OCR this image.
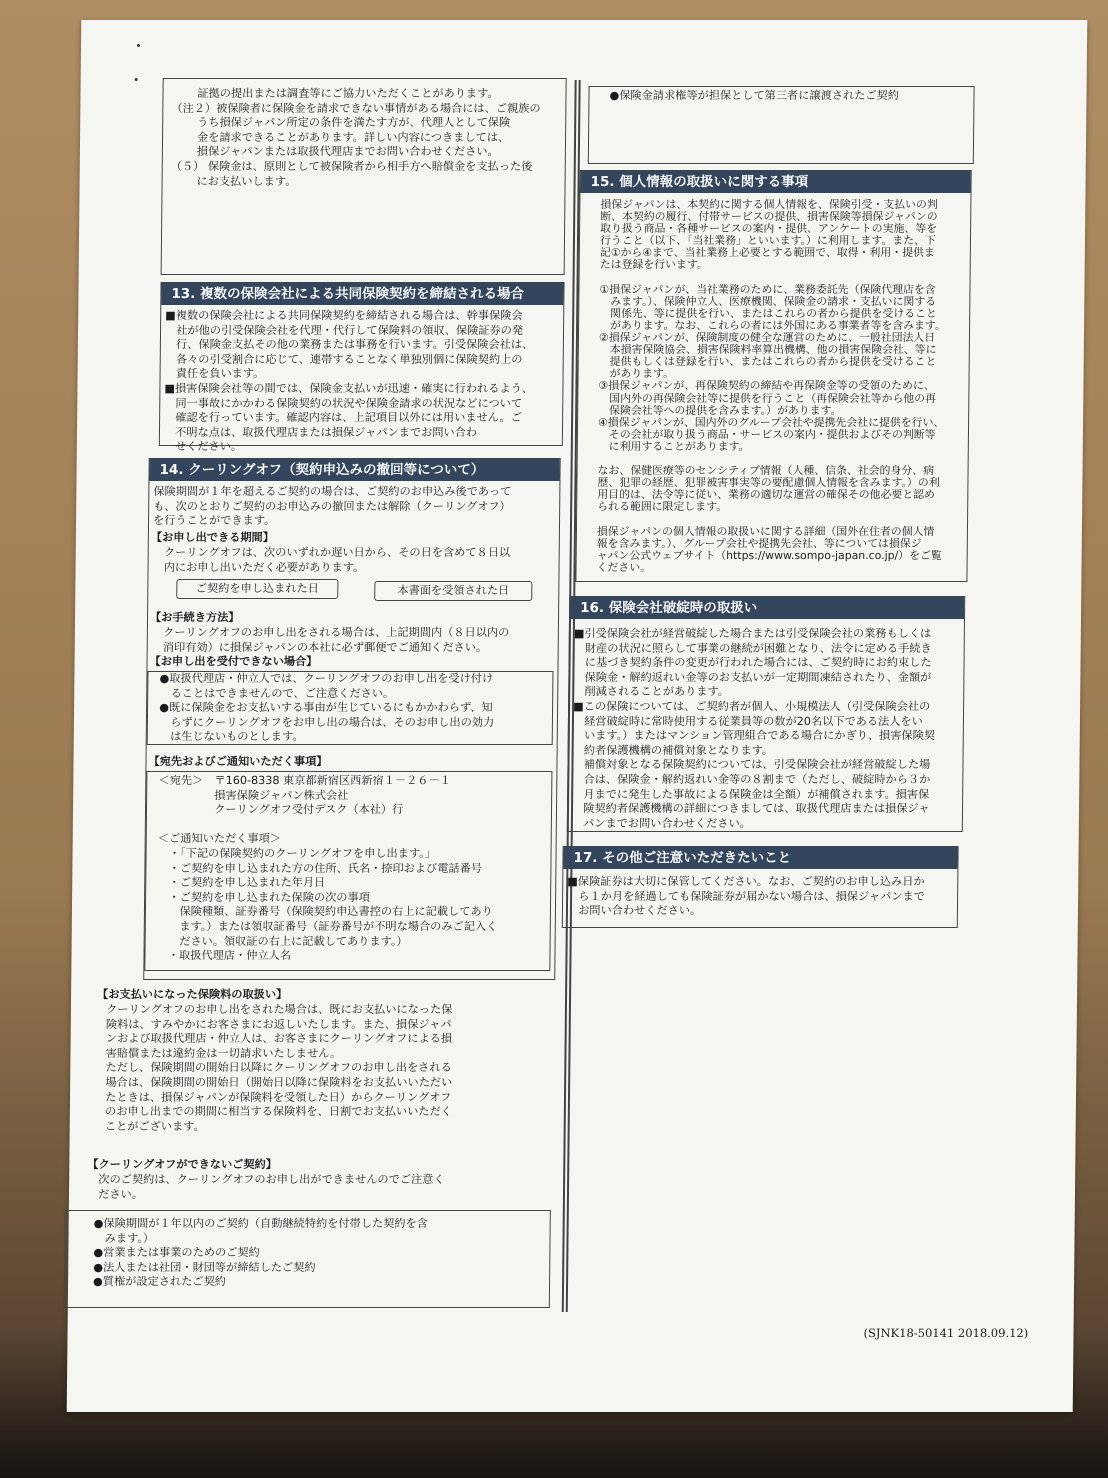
　　 証拠の提出または調査等にご協力いただくことがあります。
（注２）被保険者に保険金を請求できない事情がある場合には、ご親族の
　　 うち損保ジャパン所定の条件を満たす方が、代理人として保険
　　 金を請求できることがあります。詳しい内容につきましては、
　　 損保ジャパンまたは取扱代理店までお問い合わせください。
（５） 保険金は、原則として被保険者から相手方へ賠償金を支払った後
　　 にお支払いします。
13. 複数の保険会社による共同保険契約を締結される場合
■複数の保険会社による共同保険契約を締結される場合は、幹事保険会
　社が他の引受保険会社を代理・代行して保険料の領収、保険証券の発
　行、保険金支払その他の業務または事務を行います。引受保険会社は、
　各々の引受割合に応じて、連帯することなく単独別個に保険契約上の
　責任を負います。
■損害保険会社等の間では、保険金支払いが迅速・確実に行われるよう、
　同一事故にかかわる保険契約の状況や保険金請求の状況などについて
　確認を行っています。確認内容は、上記項目以外には用いません。ご
　不明な点は、取扱代理店または損保ジャパンまでお問い合わ
　せください。
14. クーリングオフ（契約申込みの撤回等について）
保険期間が１年を超えるご契約の場合は、ご契約のお申込み後であって
も、次のとおりご契約のお申込みの撤回または解除（クーリングオフ）
を行うことができます。
【お申し出できる期間】
　クーリングオフは、次のいずれか遅い日から、その日を含めて８日以
　内にお申し出いただく必要があります。
ご契約を申し込まれた日	本書面を受領された日
【お手続き方法】
　クーリングオフのお申し出をされる場合は、上記期間内（８日以内の
　消印有効）に損保ジャパンの本社に必ず郵便でご通知ください。
【お申し出を受付できない場合】
　●取扱代理店・仲立人では、クーリングオフのお申し出を受け付け
　　ることはできませんので、ご注意ください。
　●既に保険金をお支払いする事由が生じているにもかかわらず、知
　　らずにクーリングオフをお申し出の場合は、そのお申し出の効力
　　は生じないものとします。
【宛先およびご通知いただく事項】
　＜宛先＞　〒160-8338 東京都新宿区西新宿１－２６－１
　　　　　　損害保険ジャパン株式会社
　　　　　　クーリングオフ受付デスク（本社）行

　＜ご通知いただく事項＞
　　・「下記の保険契約のクーリングオフを申し出ます。」
　　・ご契約を申し込まれた方の住所、氏名・捺印および電話番号
　　・ご契約を申し込まれた年月日
　　・ご契約を申し込まれた保険の次の事項
　　　保険種類、証券番号（保険契約申込書控の右上に記載してあり
　　　ます。）または領収証番号（証券番号が不明な場合のみご記入く
　　　ださい。領収証の右上に記載してあります。）
　　・取扱代理店・仲立人名
【お支払いになった保険料の取扱い】
　クーリングオフのお申し出をされた場合は、既にお支払いになった保
　険料は、すみやかにお客さまにお返しいたします。また、損保ジャパ
　ンおよび取扱代理店・仲立人は、お客さまにクーリングオフによる損
　害賠償または違約金は一切請求いたしません。
　ただし、保険期間の開始日以降にクーリングオフのお申し出をされる
　場合は、保険期間の開始日（開始日以降に保険料をお支払いいただい
　たときは、損保ジャパンが保険料を受領した日）からクーリングオフ
　のお申し出までの期間に相当する保険料を、日割でお支払いいただく
　ことがございます。
【クーリングオフができないご契約】
　次のご契約は、クーリングオフのお申し出ができませんのでご注意く
　ださい。
●保険期間が１年以内のご契約（自動継続特約を付帯した契約を含
　みます。）
●営業または事業のためのご契約
●法人または社団・財団等が締結したご契約
●質権が設定されたご契約
●保険金請求権等が担保として第三者に譲渡されたご契約
15. 個人情報の取扱いに関する事項
損保ジャパンは、本契約に関する個人情報を、保険引受・支払いの判
断、本契約の履行、付帯サービスの提供、損害保険等損保ジャパンの
取り扱う商品・各種サービスの案内・提供、アンケートの実施、等を
行うこと（以下、「当社業務」といいます。）に利用します。また、下
記①から④まで、当社業務上必要とする範囲で、取得・利用・提供ま
たは登録を行います。

①損保ジャパンが、当社業務のために、業務委託先（保険代理店を含
　みます。）、保険仲立人、医療機関、保険金の請求・支払いに関する
　関係先、等に提供を行い、またはこれらの者から提供を受けること
　があります。なお、これらの者には外国にある事業者等を含みます。
②損保ジャパンが、保険制度の健全な運営のために、一般社団法人日
　本損害保険協会、損害保険料率算出機構、他の損害保険会社、等に
　提供もしくは登録を行い、またはこれらの者から提供を受けること
　があります。
③損保ジャパンが、再保険契約の締結や再保険金等の受領のために、
　国内外の再保険会社等に提供を行うこと（再保険会社等から他の再
　保険会社等への提供を含みます。）があります。
④損保ジャパンが、国内外のグループ会社や提携先会社に提供を行い、
　その会社が取り扱う商品・サービスの案内・提供およびその判断等
　に利用することがあります。

なお、保健医療等のセンシティブ情報（人種、信条、社会的身分、病
歴、犯罪の経歴、犯罪被害事実等の要配慮個人情報を含みます。）の利
用目的は、法令等に従い、業務の適切な運営の確保その他必要と認め
られる範囲に限定します。

損保ジャパンの個人情報の取扱いに関する詳細（国外在住者の個人情
報を含みます。）、グループ会社や提携先会社、等については損保ジ
ャパン公式ウェブサイト（https://www.sompo-japan.co.jp/）をご覧
ください。
16. 保険会社破綻時の取扱い
■引受保険会社が経営破綻した場合または引受保険会社の業務もしくは
　財産の状況に照らして事業の継続が困難となり、法令に定める手続き
　に基づき契約条件の変更が行われた場合には、ご契約時にお約束した
　保険金・解約返れい金等のお支払いが一定期間凍結されたり、金額が
　削減されることがあります。
■この保険については、ご契約者が個人、小規模法人（引受保険会社の
　経営破綻時に常時使用する従業員等の数が20名以下である法人をい
　います。）またはマンション管理組合である場合にかぎり、損害保険契
　約者保護機構の補償対象となります。
　補償対象となる保険契約については、引受保険会社が経営破綻した場
　合は、保険金・解約返れい金等の８割まで（ただし、破綻時から３か
　月までに発生した事故による保険金は全額）が補償されます。損害保
　険契約者保護機構の詳細につきましては、取扱代理店または損保ジャ
　パンまでお問い合わせください。
17. その他ご注意いただきたいこと
■保険証券は大切に保管してください。なお、ご契約のお申し込み日か
　ら１か月を経過しても保険証券が届かない場合は、損保ジャパンまで
　お問い合わせください。
(SJNK18-50141 2018.09.12)
